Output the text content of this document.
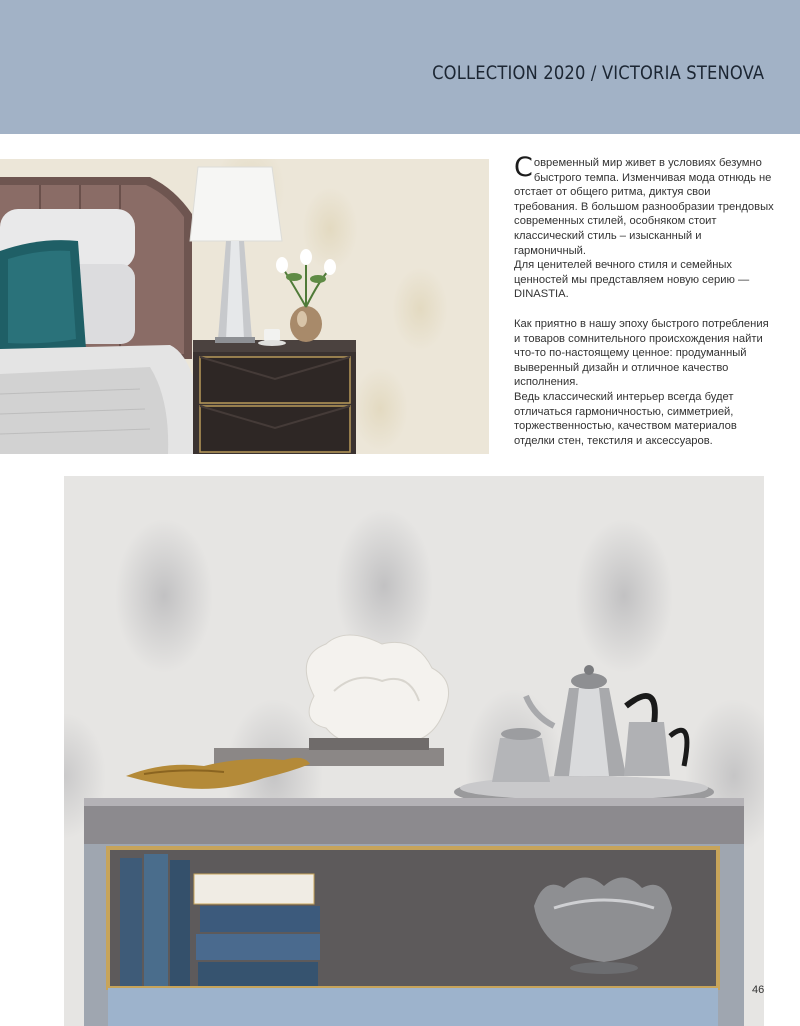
COLLECTION 2020 / VICTORIA STENOVA

Современный мир живет в условиях безумно быстрого темпа. Изменчивая мода отнюдь не отстает от общего ритма, диктуя свои требования. В большом разнообразии трендовых современных стилей, особняком стоит классический стиль – изысканный и гармоничный.

Для ценителей вечного стиля и семейных ценностей мы представляем новую серию — DINASTIA.

Как приятно в нашу эпоху быстрого потребления и товаров сомнительного происхождения найти что-то по-настоящему ценное: продуманный выверенный дизайн и отличное качество исполнения.

Ведь классический интерьер всегда будет отличаться гармоничностью, симметрией, торжественностью, качеством материалов отделки стен, текстиля и аксессуаров.

46
